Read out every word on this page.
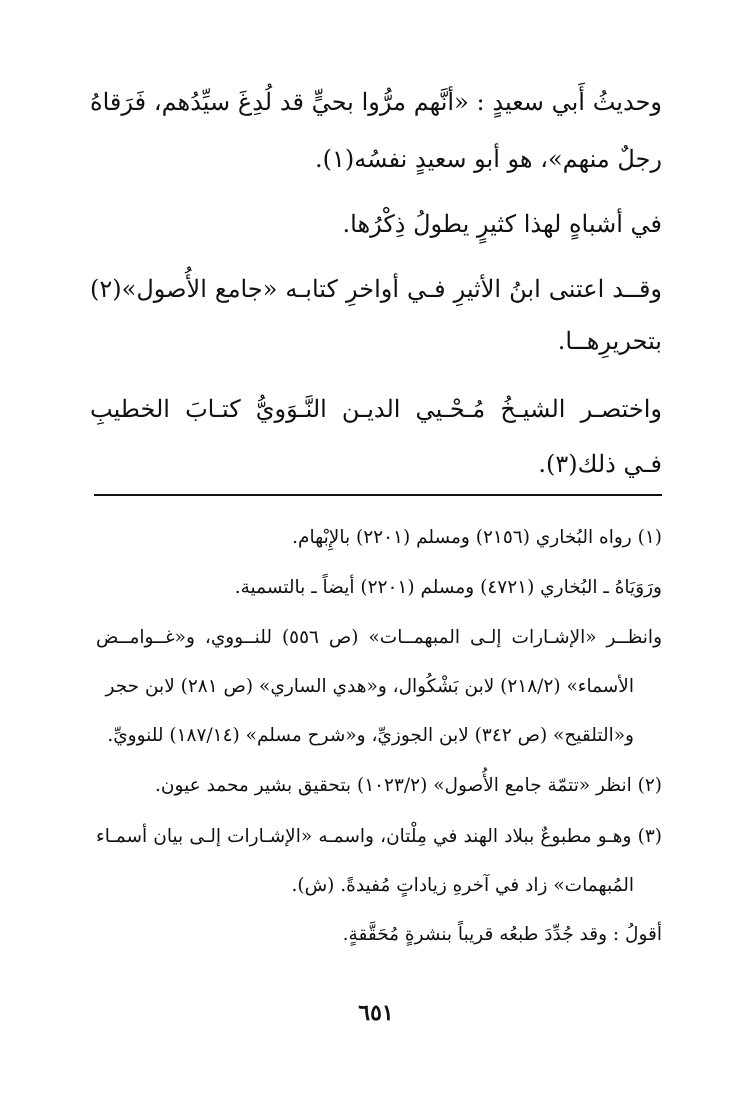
وحديثُ أَبي سعيدٍ : «أنَّهم مرُّوا بحيٍّ قد لُدِغَ سيِّدُهم، فَرَقاهُ
رجلٌ منهم»، هو أبو سعيدٍ نفسُه(١).
في أشباهٍ لهذا كثيرٍ يطولُ ذِكْرُها.
وقــد اعتنى ابنُ الأثيرِ فـي أواخرِ كتابـه «جامع الأُصول»(٢)
بتحريرِهــا.
واختصـر الشيـخُ مُـحْـيي الديـن النَّـوَويُّ كتـابَ الخطيبِ
فـي ذلك(٣).
(١) رواه البُخاري (٢١٥٦) ومسلم (٢٢٠١) بالإِبْهام.
ورَوَيَاهُ ـ البُخاري (٤٧٢١) ومسلم (٢٢٠١) أيضاً ـ بالتسمية.
وانظــر «الإشـارات إلـى المبهمــات» (ص ٥٥٦) للنــووي، و«غــوامــض
الأسماء» (٢١٨/٢) لابن بَشْكُوال، و«هدي الساري» (ص ٢٨١) لابن حجر
و«التلقيح» (ص ٣٤٢) لابن الجوزيِّ، و«شرح مسلم» (١٨٧/١٤) للنوويِّ.
(٢) انظر «تتمّة جامع الأُصول» (١٠٢٣/٢) بتحقيق بشير محمد عيون.
(٣) وهـو مطبوعٌ ببلاد الهند في مِلْتان، واسمـه «الإشـارات إلـى بيان أسمـاء
المُبهمات» زاد في آخرهِ زياداتٍ مُفيدةً. (ش).
أقولُ : وقد جُدِّدَ طبعُه قريباً بنشرةٍ مُحَقَّقةٍ.
٦٥١
